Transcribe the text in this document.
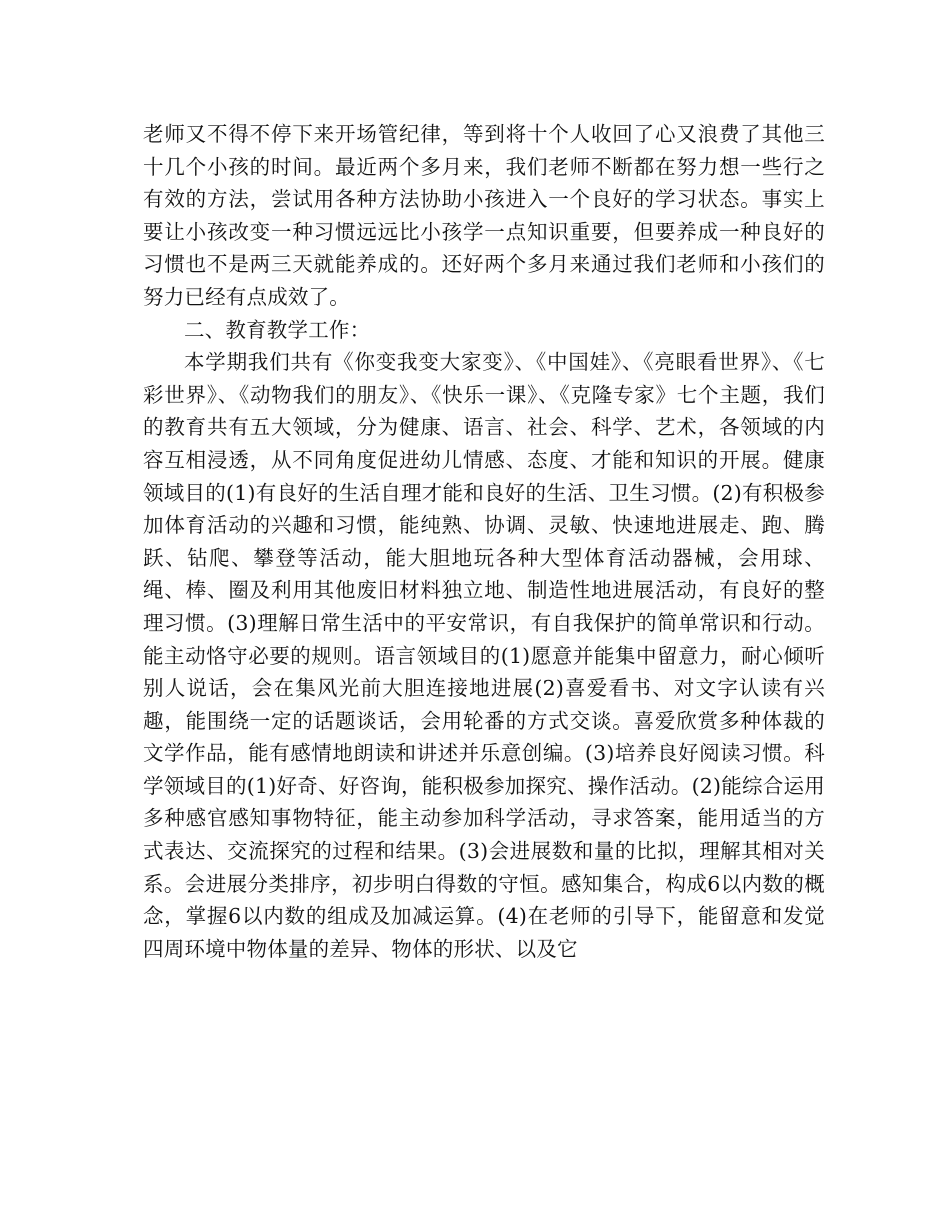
老师又不得不停下来开场管纪律，等到将十个人收回了心又浪费了其他三十几个小孩的时间。最近两个多月来，我们老师不断都在努力想一些行之有效的方法，尝试用各种方法协助小孩进入一个良好的学习状态。事实上要让小孩改变一种习惯远远比小孩学一点知识重要，但要养成一种良好的习惯也不是两三天就能养成的。还好两个多月来通过我们老师和小孩们的努力已经有点成效了。

二、教育教学工作：

本学期我们共有《你变我变大家变》、《中国娃》、《亮眼看世界》、《七彩世界》、《动物我们的朋友》、《快乐一课》、《克隆专家》七个主题，我们的教育共有五大领域，分为健康、语言、社会、科学、艺术，各领域的内容互相浸透，从不同角度促进幼儿情感、态度、才能和知识的开展。健康领域目的(1)有良好的生活自理才能和良好的生活、卫生习惯。(2)有积极参加体育活动的兴趣和习惯，能纯熟、协调、灵敏、快速地进展走、跑、腾跃、钻爬、攀登等活动，能大胆地玩各种大型体育活动器械，会用球、绳、棒、圈及利用其他废旧材料独立地、制造性地进展活动，有良好的整理习惯。(3)理解日常生活中的平安常识，有自我保护的简单常识和行动。能主动恪守必要的规则。语言领域目的(1)愿意并能集中留意力，耐心倾听别人说话，会在集风光前大胆连接地进展(2)喜爱看书、对文字认读有兴趣，能围绕一定的话题谈话，会用轮番的方式交谈。喜爱欣赏多种体裁的文学作品，能有感情地朗读和讲述并乐意创编。(3)培养良好阅读习惯。科学领域目的(1)好奇、好咨询，能积极参加探究、操作活动。(2)能综合运用多种感官感知事物特征，能主动参加科学活动，寻求答案，能用适当的方式表达、交流探究的过程和结果。(3)会进展数和量的比拟，理解其相对关系。会进展分类排序，初步明白得数的守恒。感知集合，构成6以内数的概念，掌握6以内数的组成及加减运算。(4)在老师的引导下，能留意和发觉四周环境中物体量的差异、物体的形状、以及它
